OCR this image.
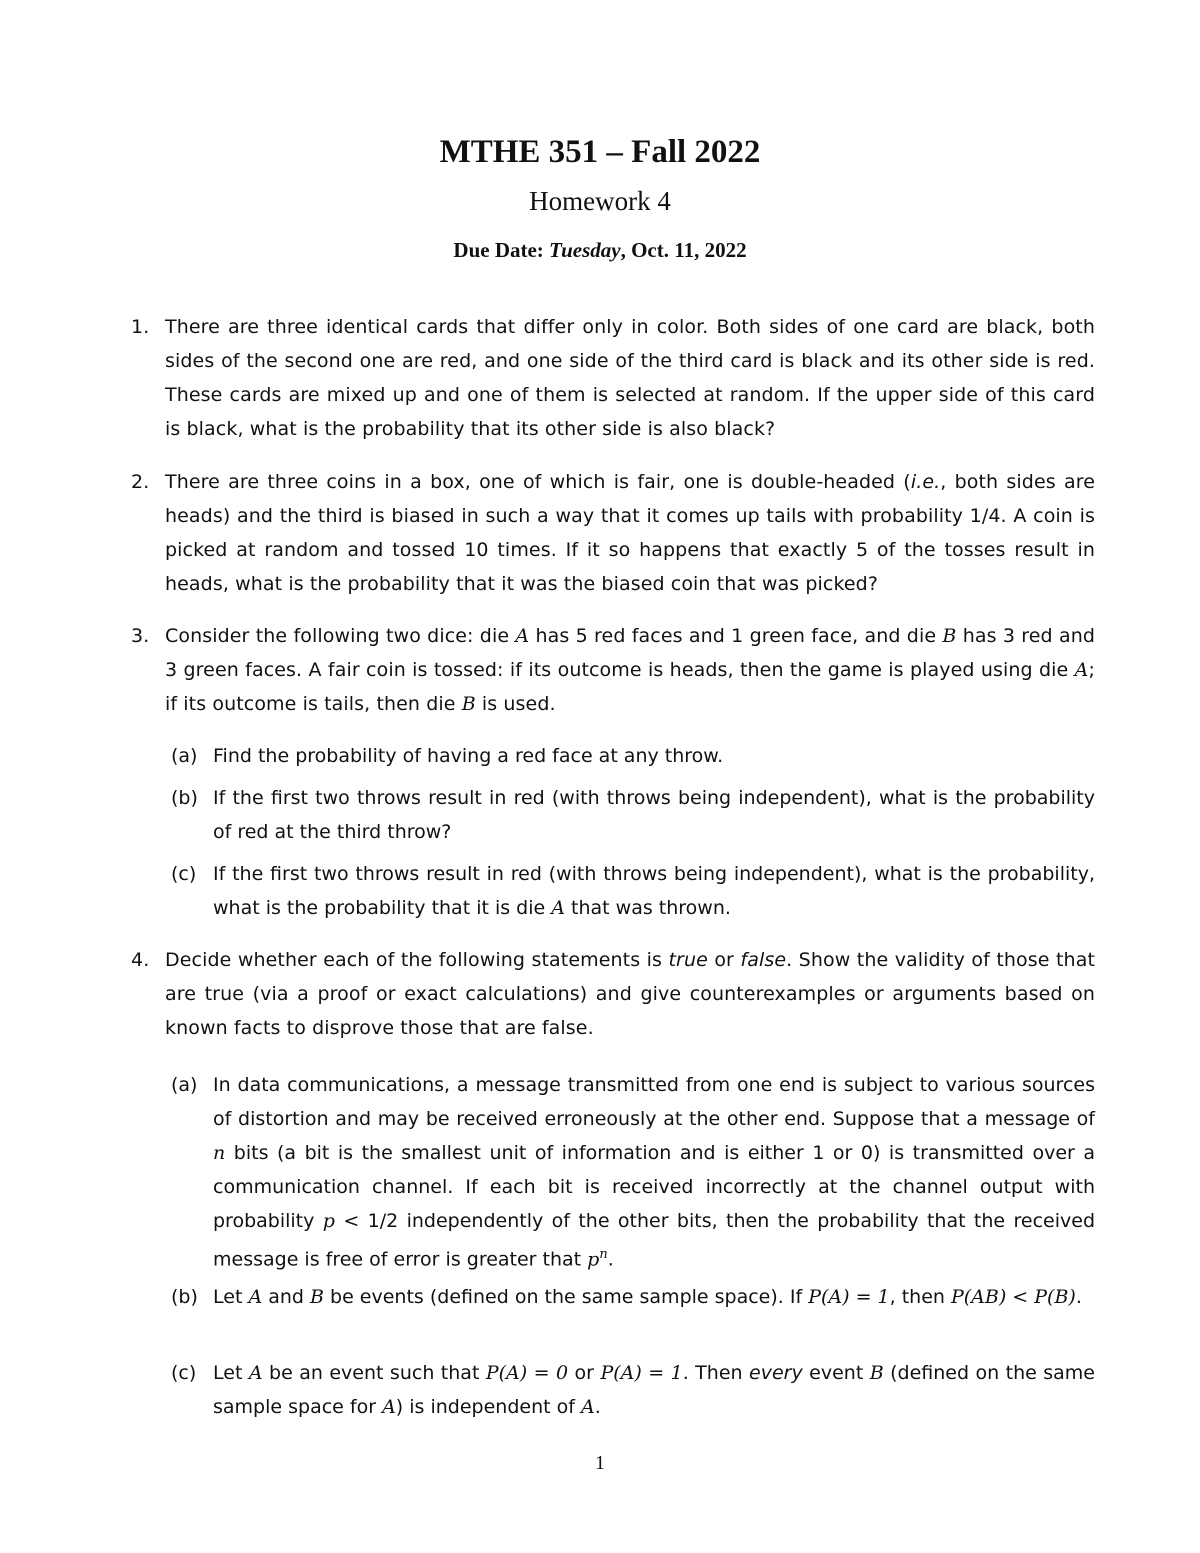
MTHE 351 – Fall 2022
Homework 4
Due Date: Tuesday, Oct. 11, 2022
1. There are three identical cards that differ only in color. Both sides of one card are black, both sides of the second one are red, and one side of the third card is black and its other side is red. These cards are mixed up and one of them is selected at random. If the upper side of this card is black, what is the probability that its other side is also black?
2. There are three coins in a box, one of which is fair, one is double-headed (i.e., both sides are heads) and the third is biased in such a way that it comes up tails with probability 1/4. A coin is picked at random and tossed 10 times. If it so happens that exactly 5 of the tosses result in heads, what is the probability that it was the biased coin that was picked?
3. Consider the following two dice: die A has 5 red faces and 1 green face, and die B has 3 red and 3 green faces. A fair coin is tossed: if its outcome is heads, then the game is played using die A; if its outcome is tails, then die B is used.
(a) Find the probability of having a red face at any throw.
(b) If the first two throws result in red (with throws being independent), what is the probability of red at the third throw?
(c) If the first two throws result in red (with throws being independent), what is the probability, what is the probability that it is die A that was thrown.
4. Decide whether each of the following statements is true or false. Show the validity of those that are true (via a proof or exact calculations) and give counterexamples or arguments based on known facts to disprove those that are false.
(a) In data communications, a message transmitted from one end is subject to various sources of distortion and may be received erroneously at the other end. Suppose that a message of n bits (a bit is the smallest unit of information and is either 1 or 0) is transmitted over a communication channel. If each bit is received incorrectly at the channel output with probability p < 1/2 independently of the other bits, then the probability that the received message is free of error is greater that $p^n$.
(b) Let A and B be events (defined on the same sample space). If P(A) = 1, then P(AB) < P(B).
(c) Let A be an event such that P(A) = 0 or P(A) = 1. Then every event B (defined on the same sample space for A) is independent of A.
1
